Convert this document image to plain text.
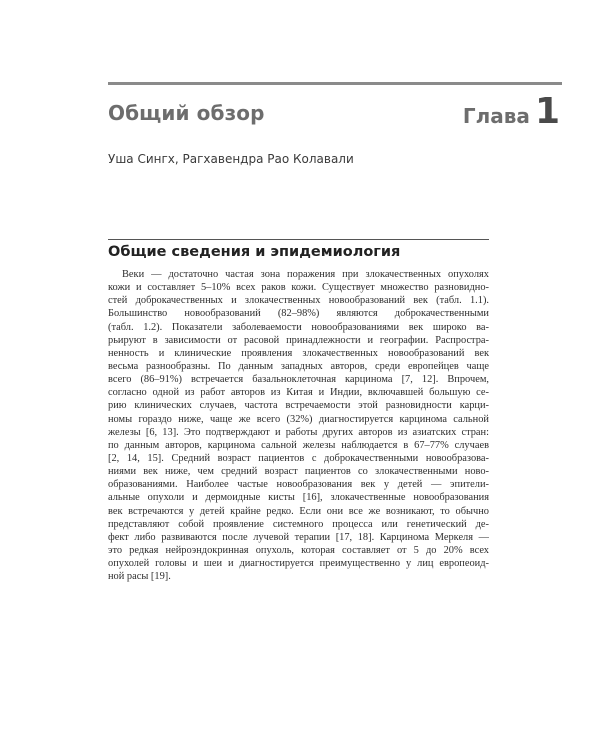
Общий обзор	Глава 1
Уша Сингх, Рагхавендра Рао Колавали
Общие сведения и эпидемиология
Веки — достаточно частая зона поражения при злокачественных опухолях
кожи и составляет 5–10% всех раков кожи. Существует множество разновидно-
стей доброкачественных и злокачественных новообразований век (табл. 1.1).
Большинство новообразований (82–98%) являются доброкачественными
(табл. 1.2). Показатели заболеваемости новообразованиями век широко ва-
рьируют в зависимости от расовой принадлежности и географии. Распростра-
ненность и клинические проявления злокачественных новообразований век
весьма разнообразны. По данным западных авторов, среди европейцев чаще
всего (86–91%) встречается базальноклеточная карцинома [7, 12]. Впрочем,
согласно одной из работ авторов из Китая и Индии, включавшей большую се-
рию клинических случаев, частота встречаемости этой разновидности карци-
номы гораздо ниже, чаще же всего (32%) диагностируется карцинома сальной
железы [6, 13]. Это подтверждают и работы других авторов из азиатских стран:
по данным авторов, карцинома сальной железы наблюдается в 67–77% случаев
[2, 14, 15]. Средний возраст пациентов с доброкачественными новообразова-
ниями век ниже, чем средний возраст пациентов со злокачественными ново-
образованиями. Наиболее частые новообразования век у детей — эпители-
альные опухоли и дермоидные кисты [16], злокачественные новообразования
век встречаются у детей крайне редко. Если они все же возникают, то обычно
представляют собой проявление системного процесса или генетический де-
фект либо развиваются после лучевой терапии [17, 18]. Карцинома Меркеля —
это редкая нейроэндокринная опухоль, которая составляет от 5 до 20% всех
опухолей головы и шеи и диагностируется преимущественно у лиц европеоид-
ной расы [19].
